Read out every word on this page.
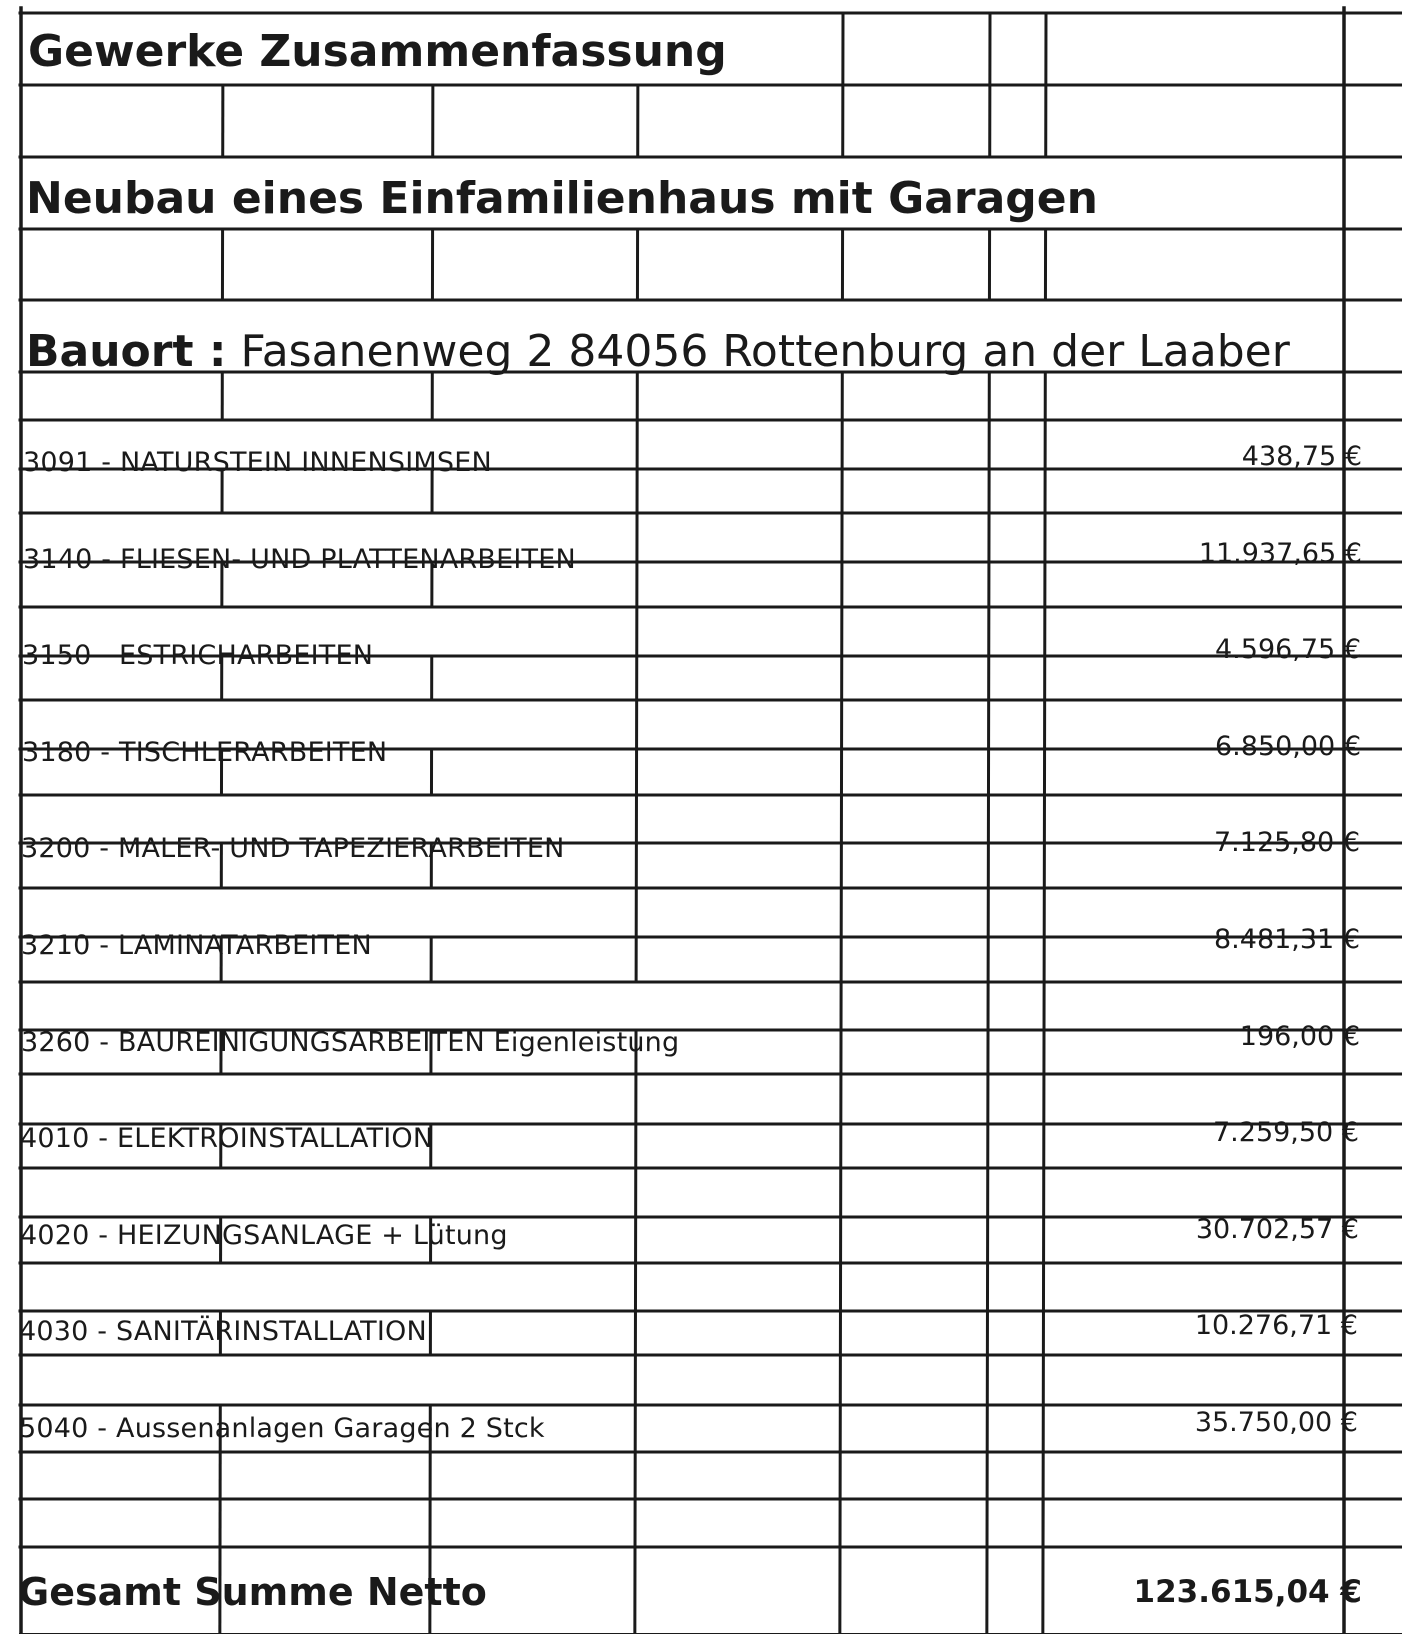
Gewerke Zusammenfassung
Neubau eines Einfamilienhaus mit Garagen
Bauort : Fasanenweg 2 84056 Rottenburg an der Laaber
3091 - NATURSTEIN INNENSIMSEN	438,75 €
3140 - FLIESEN- UND PLATTENARBEITEN	11.937,65 €
3150 - ESTRICHARBEITEN	4.596,75 €
3180 - TISCHLERARBEITEN	6.850,00 €
3200 - MALER- UND TAPEZIERARBEITEN	7.125,80 €
3210 - LAMINATARBEITEN	8.481,31 €
3260 - BAUREINIGUNGSARBEITEN Eigenleistung	196,00 €
4010 - ELEKTROINSTALLATION	7.259,50 €
4020 - HEIZUNGSANLAGE + Lütung	30.702,57 €
4030 - SANITÄRINSTALLATION	10.276,71 €
5040 - Aussenanlagen Garagen 2 Stck	35.750,00 €
Gesamt Summe Netto	123.615,04 €
